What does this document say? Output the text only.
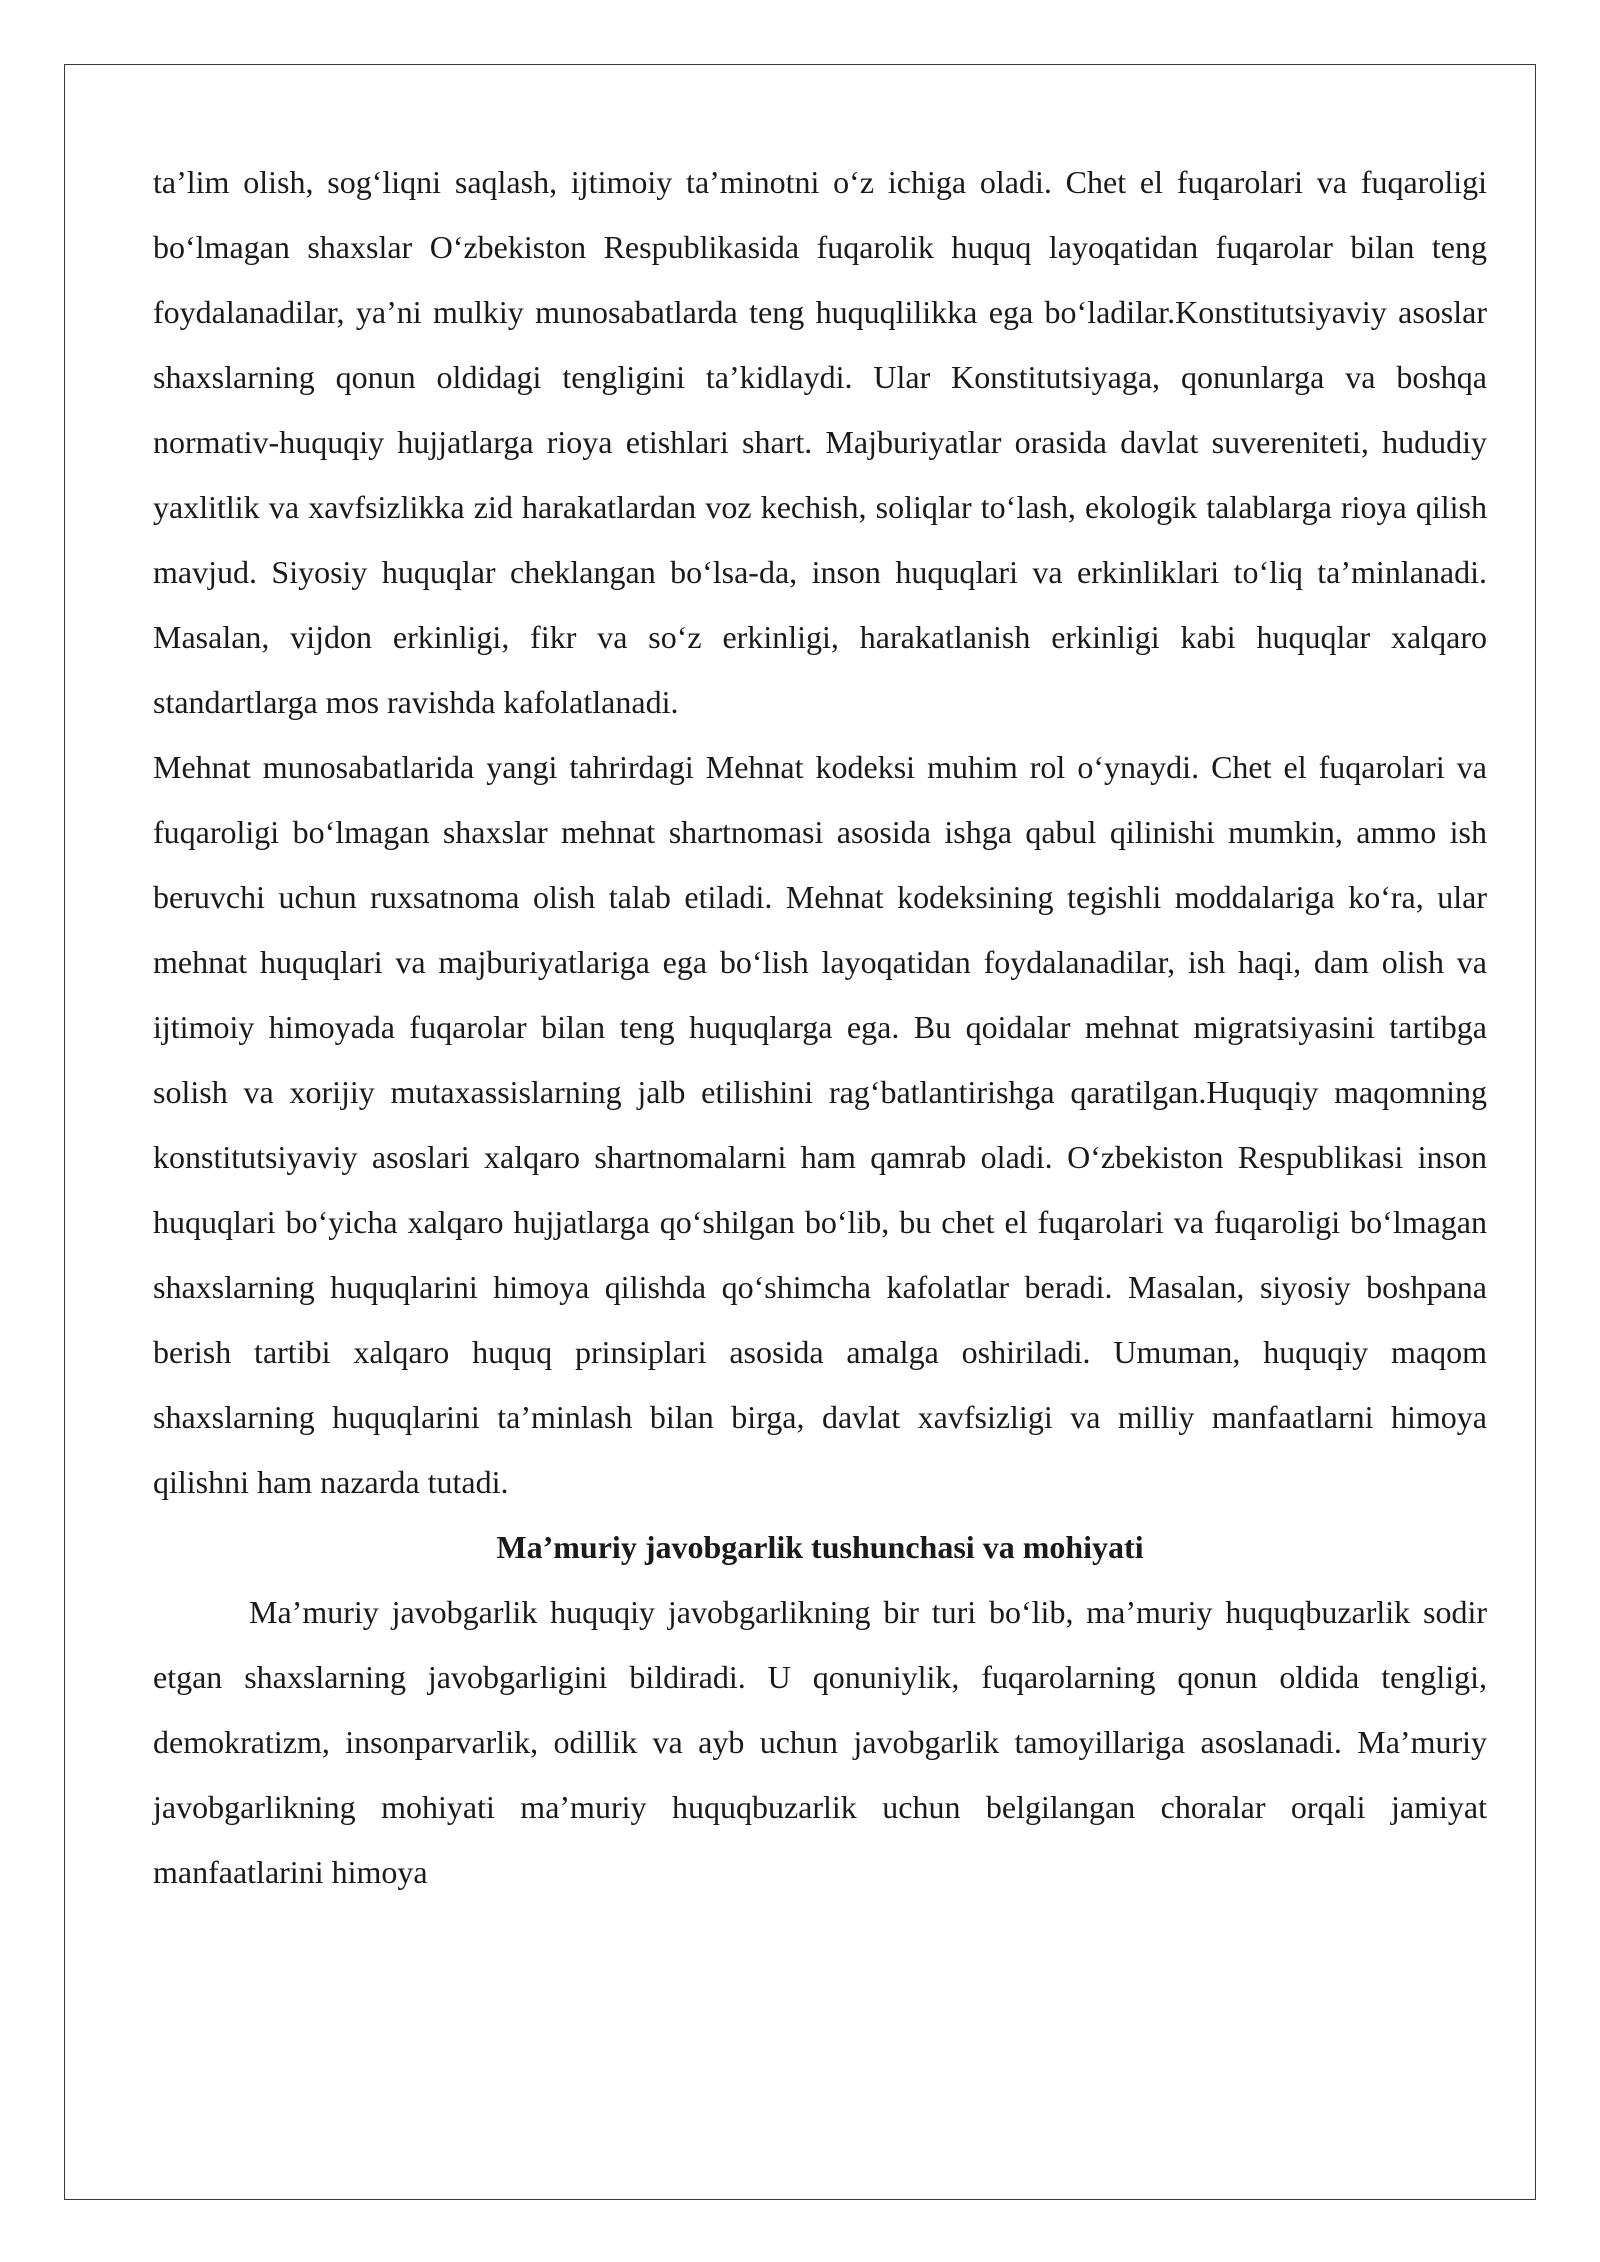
ta’lim olish, sog‘liqni saqlash, ijtimoiy ta’minotni o‘z ichiga oladi. Chet el fuqarolari va fuqaroligi bo‘lmagan shaxslar O‘zbekiston Respublikasida fuqarolik huquq layoqatidan fuqarolar bilan teng foydalanadilar, ya’ni mulkiy munosabatlarda teng huquqlilikka ega bo‘ladilar.Konstitutsiyaviy asoslar shaxslarning qonun oldidagi tengligini ta’kidlaydi. Ular Konstitutsiyaga, qonunlarga va boshqa normativ-huquqiy hujjatlarga rioya etishlari shart. Majburiyatlar orasida davlat suvereniteti, hududiy yaxlitlik va xavfsizlikka zid harakatlardan voz kechish, soliqlar to‘lash, ekologik talablarga rioya qilish mavjud. Siyosiy huquqlar cheklangan bo‘lsa-da, inson huquqlari va erkinliklari to‘liq ta’minlanadi. Masalan, vijdon erkinligi, fikr va so‘z erkinligi, harakatlanish erkinligi kabi huquqlar xalqaro standartlarga mos ravishda kafolatlanadi.

Mehnat munosabatlarida yangi tahrirdagi Mehnat kodeksi muhim rol o‘ynaydi. Chet el fuqarolari va fuqaroligi bo‘lmagan shaxslar mehnat shartnomasi asosida ishga qabul qilinishi mumkin, ammo ish beruvchi uchun ruxsatnoma olish talab etiladi. Mehnat kodeksining tegishli moddalariga ko‘ra, ular mehnat huquqlari va majburiyatlariga ega bo‘lish layoqatidan foydalanadilar, ish haqi, dam olish va ijtimoiy himoyada fuqarolar bilan teng huquqlarga ega. Bu qoidalar mehnat migratsiyasini tartibga solish va xorijiy mutaxassislarning jalb etilishini rag‘batlantirishga qaratilgan.Huquqiy maqomning konstitutsiyaviy asoslari xalqaro shartnomalarni ham qamrab oladi. O‘zbekiston Respublikasi inson huquqlari bo‘yicha xalqaro hujjatlarga qo‘shilgan bo‘lib, bu chet el fuqarolari va fuqaroligi bo‘lmagan shaxslarning huquqlarini himoya qilishda qo‘shimcha kafolatlar beradi. Masalan, siyosiy boshpana berish tartibi xalqaro huquq prinsiplari asosida amalga oshiriladi. Umuman, huquqiy maqom shaxslarning huquqlarini ta’minlash bilan birga, davlat xavfsizligi va milliy manfaatlarni himoya qilishni ham nazarda tutadi.

Ma’muriy javobgarlik tushunchasi va mohiyati

Ma’muriy javobgarlik huquqiy javobgarlikning bir turi bo‘lib, ma’muriy huquqbuzarlik sodir etgan shaxslarning javobgarligini bildiradi. U qonuniylik, fuqarolarning qonun oldida tengligi, demokratizm, insonparvarlik, odillik va ayb uchun javobgarlik tamoyillariga asoslanadi. Ma’muriy javobgarlikning mohiyati ma’muriy huquqbuzarlik uchun belgilangan choralar orqali jamiyat manfaatlarini himoya
